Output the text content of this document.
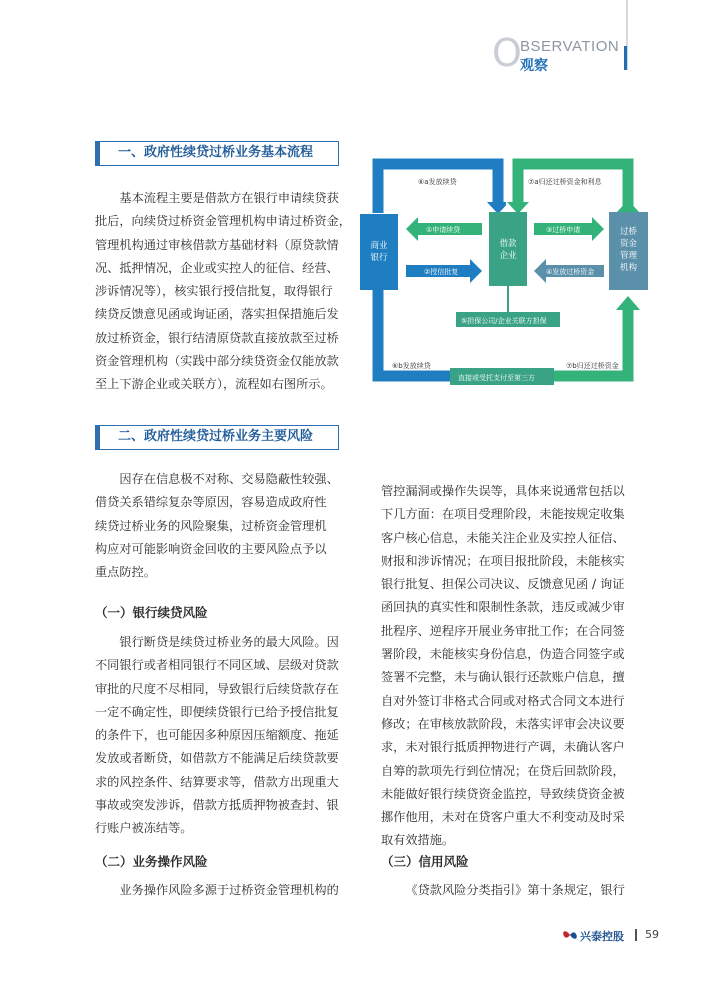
O
BSERVATION
观察
一、政府性续贷过桥业务基本流程
基本流程主要是借款方在银行申请续贷获
批后，向续贷过桥资金管理机构申请过桥资金，
管理机构通过审核借款方基础材料（原贷款情
况、抵押情况，企业或实控人的征信、经营、
涉诉情况等），核实银行授信批复，取得银行
续贷反馈意见函或询证函，落实担保措施后发
放过桥资金，银行结清原贷款直接放款至过桥
资金管理机构（实践中部分续贷资金仅能放款
至上下游企业或关联方），流程如右图所示。
⑥a发放续贷	⑦a归还过桥资金和利息
①申请续贷
②授信批复
③过桥申请
④发放过桥资金
⑤担保公司/企业关联方担保
⑥b发放续贷	⑦b归还过桥资金
直接或受托支付至第三方
商业银行
借款企业
过桥资金管理机构
二、政府性续贷过桥业务主要风险
因存在信息极不对称、交易隐蔽性较强、
借贷关系错综复杂等原因，容易造成政府性
续贷过桥业务的风险聚集，过桥资金管理机
构应对可能影响资金回收的主要风险点予以
重点防控。
（一）银行续贷风险
银行断贷是续贷过桥业务的最大风险。因
不同银行或者相同银行不同区域、层级对贷款
审批的尺度不尽相同，导致银行后续贷款存在
一定不确定性，即便续贷银行已给予授信批复
的条件下，也可能因多种原因压缩额度、拖延
发放或者断贷，如借款方不能满足后续贷款要
求的风控条件、结算要求等，借款方出现重大
事故或突发涉诉，借款方抵质押物被查封、银
行账户被冻结等。
（二）业务操作风险
业务操作风险多源于过桥资金管理机构的
管控漏洞或操作失误等，具体来说通常包括以
下几方面：在项目受理阶段，未能按规定收集
客户核心信息，未能关注企业及实控人征信、
财报和涉诉情况；在项目报批阶段，未能核实
银行批复、担保公司决议、反馈意见函 / 询证
函回执的真实性和限制性条款，违反或减少审
批程序、逆程序开展业务审批工作；在合同签
署阶段，未能核实身份信息，伪造合同签字或
签署不完整，未与确认银行还款账户信息，擅
自对外签订非格式合同或对格式合同文本进行
修改；在审核放款阶段，未落实评审会决议要
求，未对银行抵质押物进行产调，未确认客户
自筹的款项先行到位情况；在贷后回款阶段，
未能做好银行续贷资金监控，导致续贷资金被
挪作他用，未对在贷客户重大不利变动及时采
取有效措施。
（三）信用风险
《贷款风险分类指引》第十条规定，银行
兴泰控股 59
